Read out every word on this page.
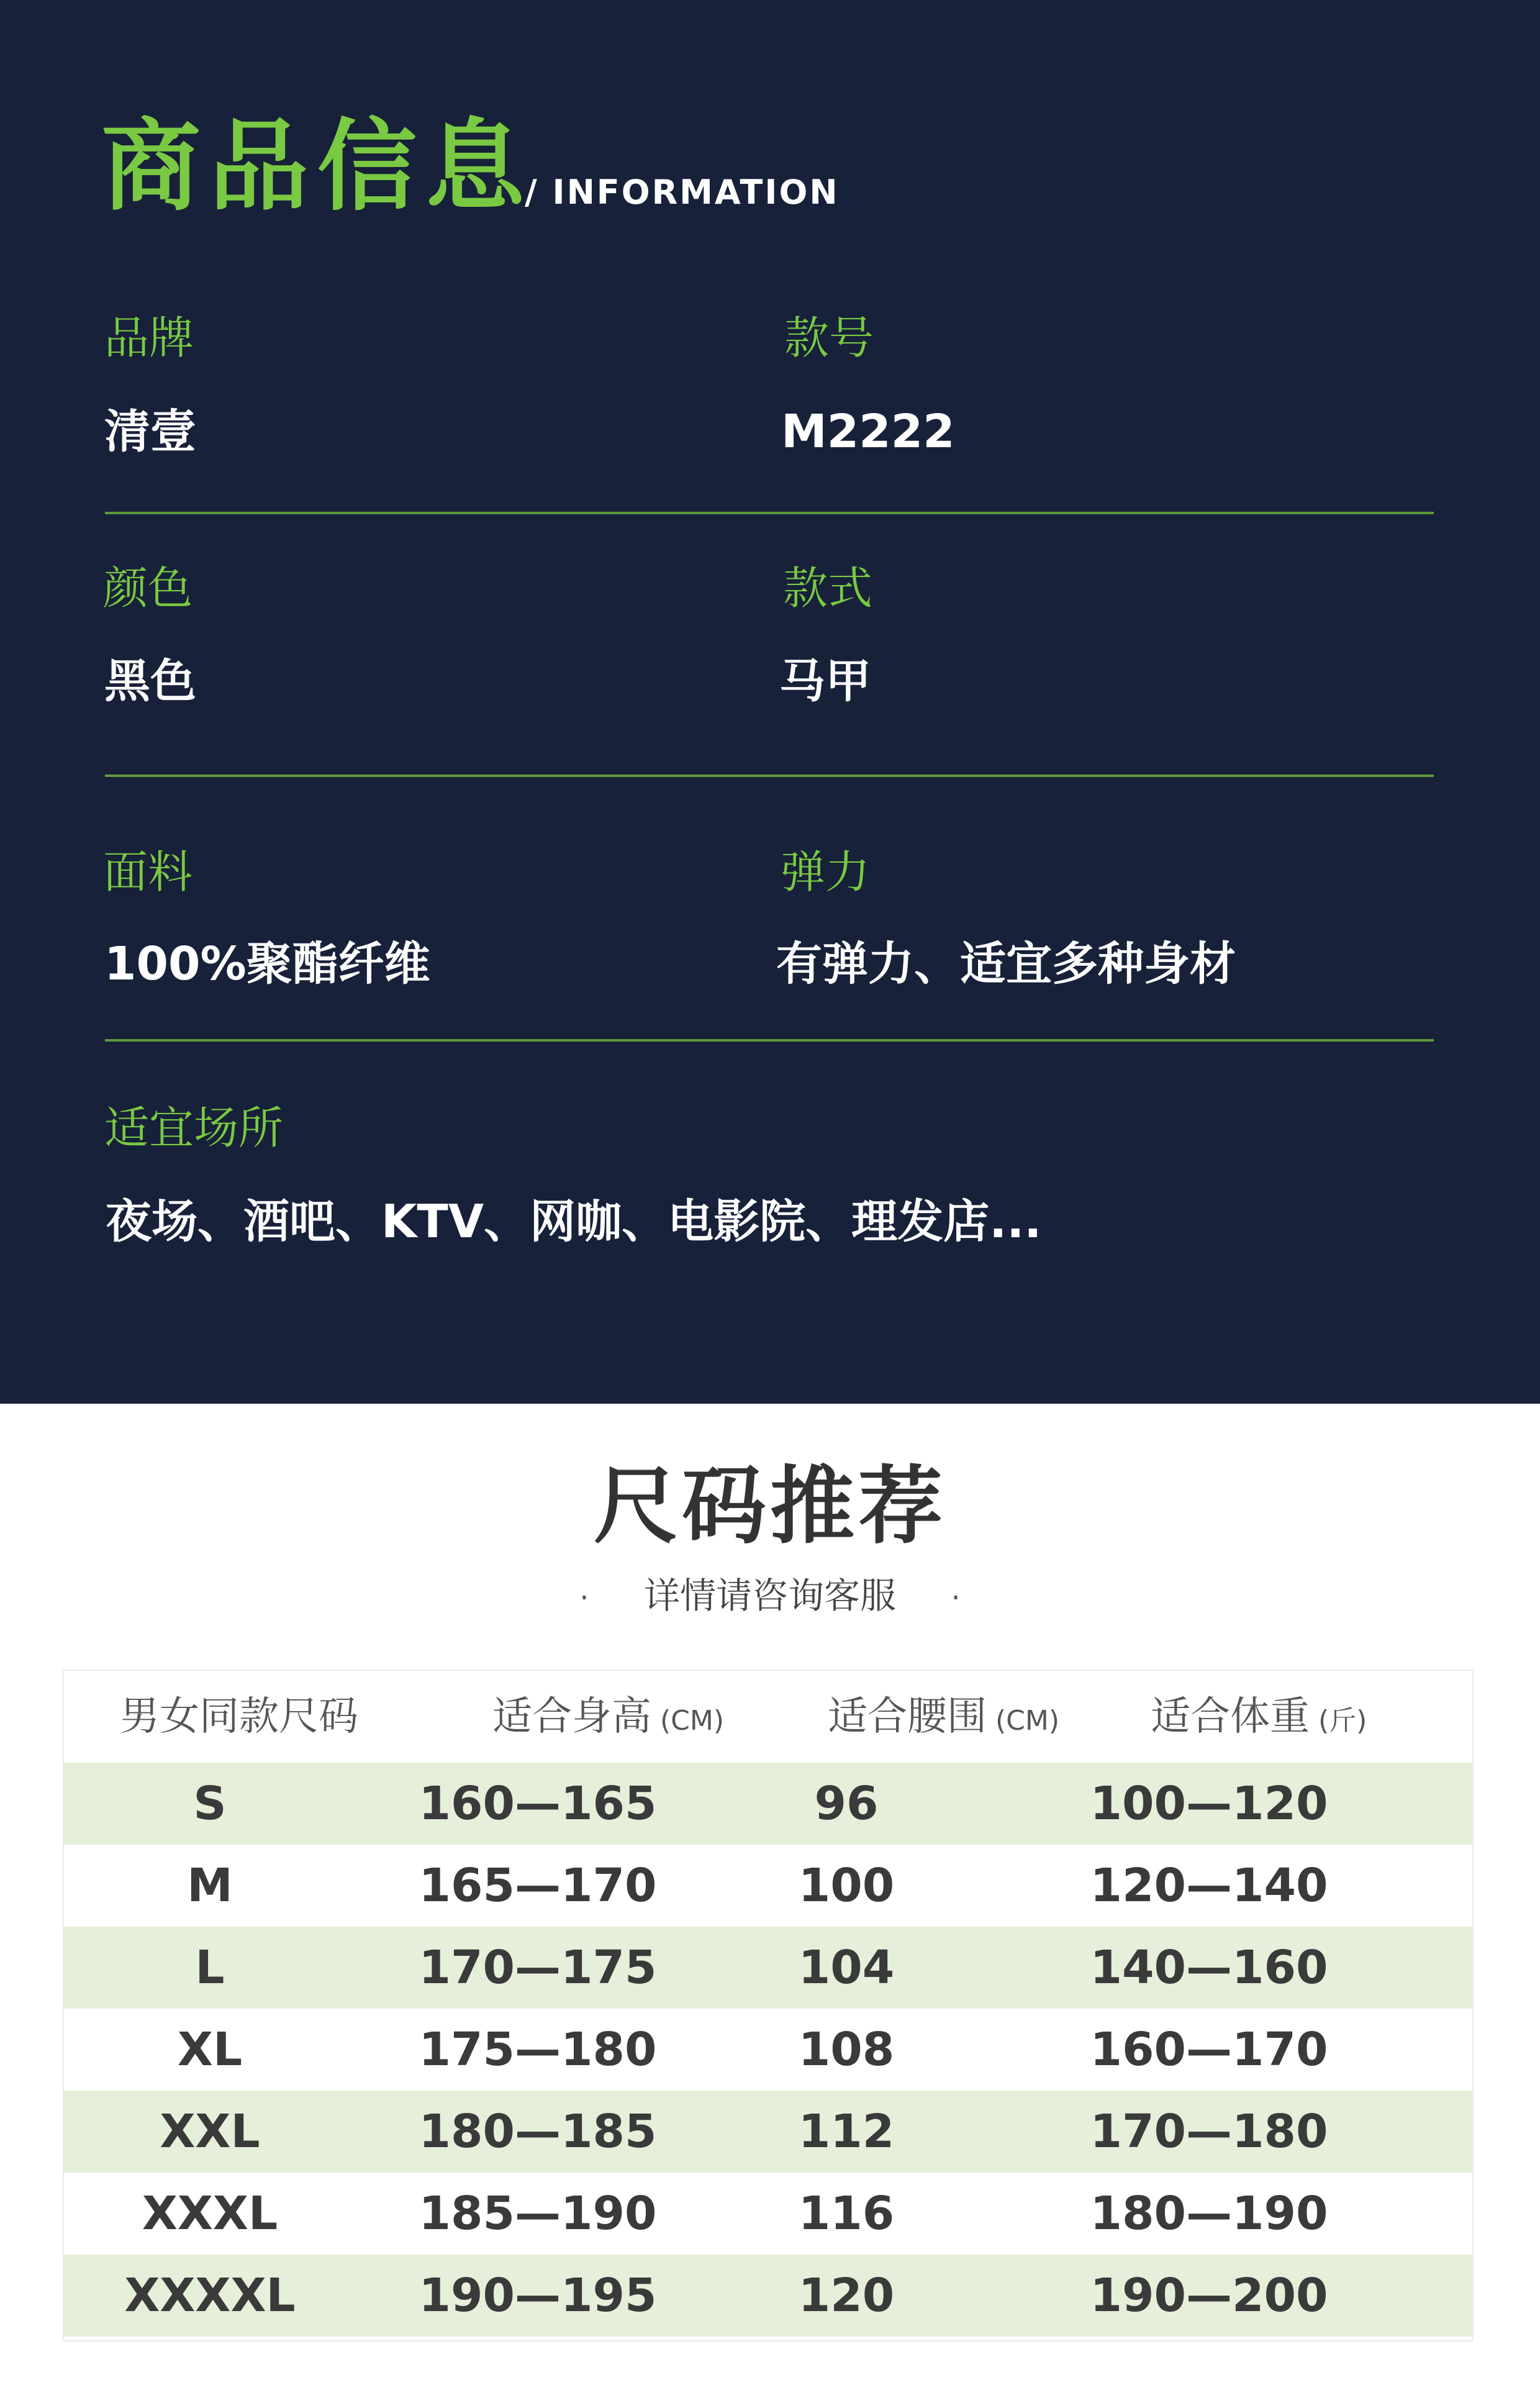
商品信息
/ INFORMATION
品牌
清壹
款号
M2222
颜色
黑色
款式
马甲
面料
100%聚酯纤维
弹力
有弹力、适宜多种身材
适宜场所
夜场、酒吧、KTV、网咖、电影院、理发店...
尺码推荐
· 详情请咨询客服 ·
男女同款尺码	适合身高 (CM)	适合腰围 (CM) 适合体重 (斤)
S	160—165	96	100—120
M	165—170	100	120—140
L	170—175	104	140—160
XL	175—180	108	160—170
XXL	180—185	112	170—180
XXXL	185—190	116	180—190
XXXXL	190—195	120	190—200
